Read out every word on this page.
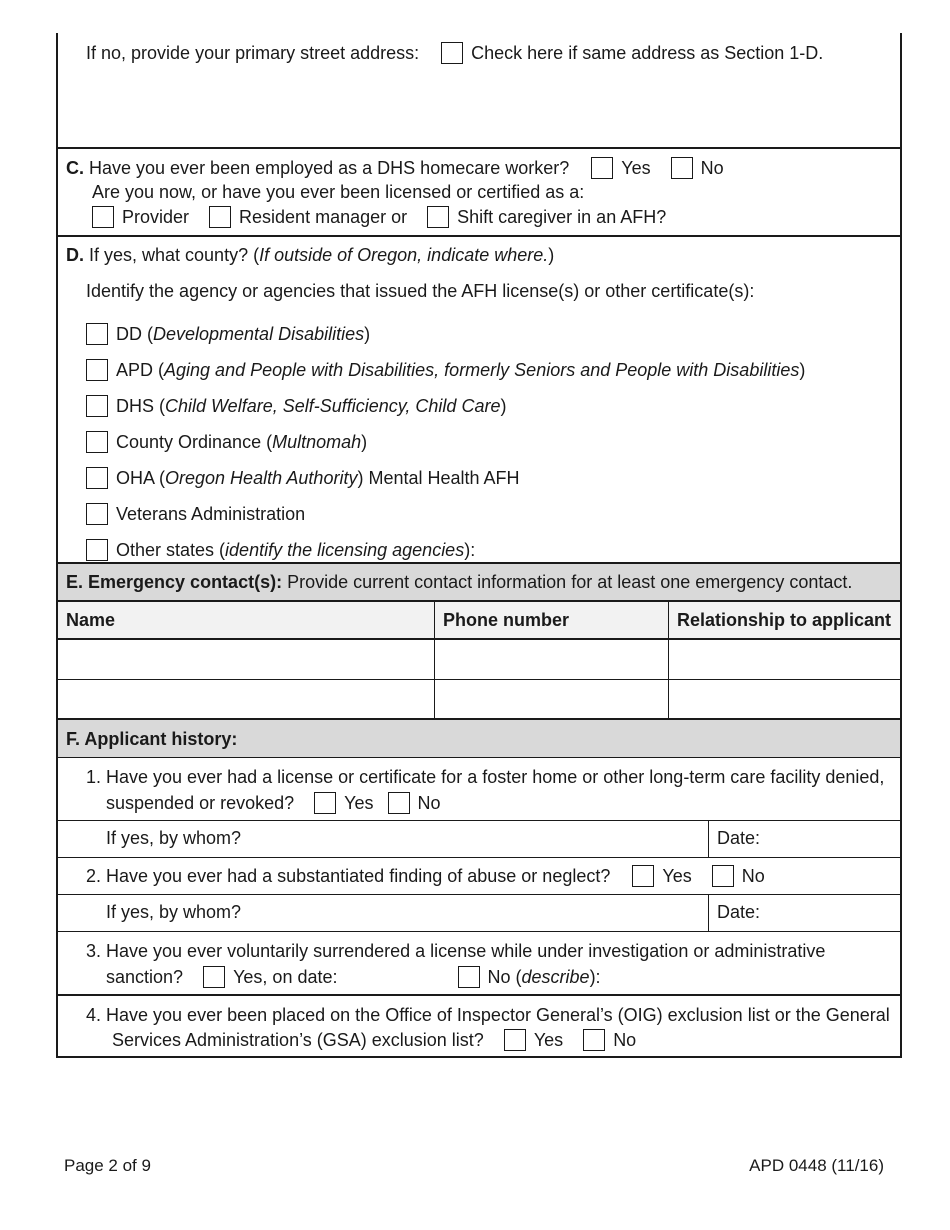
If no, provide your primary street address:	Check here if same address as Section 1-D.
C. Have you ever been employed as a DHS homecare worker?	Yes	No
Are you now, or have you ever been licensed or certified as a:
Provider	Resident manager or	Shift caregiver in an AFH?
D. If yes, what county? ( If outside of Oregon, indicate where. )
Identify the agency or agencies that issued the AFH license(s) or other certificate(s):
DD ( Developmental Disabilities )
APD ( Aging and People with Disabilities, formerly Seniors and People with Disabilities )
DHS ( Child Welfare, Self-Sufficiency, Child Care )
County Ordinance ( Multnomah )
OHA ( Oregon Health Authority ) Mental Health AFH
Veterans Administration
Other states ( identify the licensing agencies ):
E. Emergency contact(s): Provide current contact information for at least one emergency contact.
Name	Phone number	Relationship to applicant
F. Applicant history:
1. Have you ever had a license or certificate for a foster home or other long-term care facility denied,
suspended or revoked?	Yes No
If yes, by whom?	Date:
2. Have you ever had a substantiated finding of abuse or neglect?	Yes	No
If yes, by whom?	Date:
3. Have you ever voluntarily surrendered a license while under investigation or administrative
sanction?	Yes, on date:	No ( describe ):
4. Have you ever been placed on the Office of Inspector General’s (OIG) exclusion list or the General
Services Administration’s (GSA) exclusion list?	Yes	No
Page 2 of 9	APD 0448 (11/16)
